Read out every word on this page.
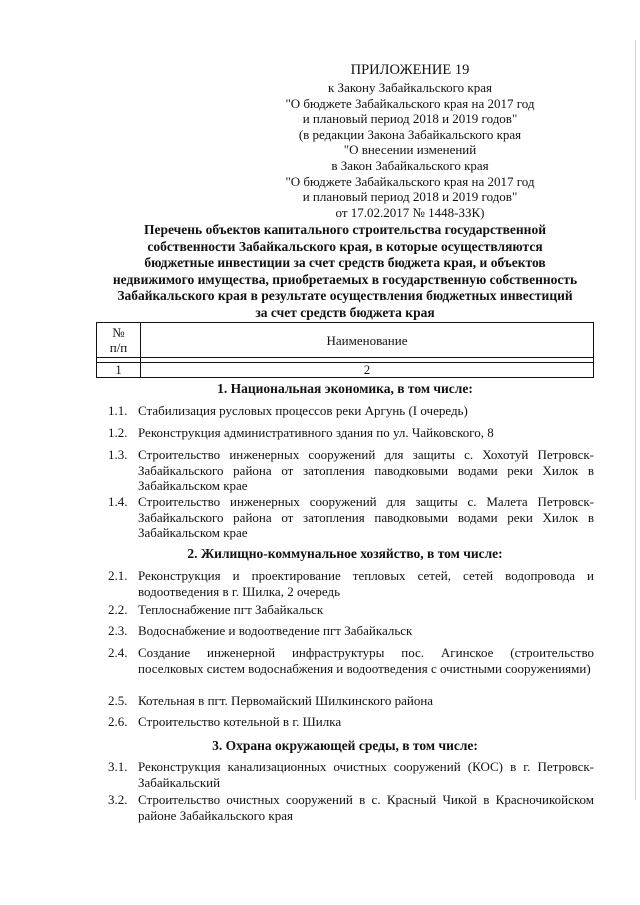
ПРИЛОЖЕНИЕ 19
к Закону Забайкальского края
"О бюджете Забайкальского края на 2017 год
и плановый период 2018 и 2019 годов"
(в редакции Закона Забайкальского края
"О внесении изменений
в Закон Забайкальского края
"О бюджете Забайкальского края на 2017 год
и плановый период 2018 и 2019 годов"
от 17.02.2017 № 1448-ЗЗК)
Перечень объектов капитального строительства государственной
собственности Забайкальского края, в которые осуществляются
бюджетные инвестиции за счет средств бюджета края, и объектов
недвижимого имущества, приобретаемых в государственную собственность
Забайкальского края в результате осуществления бюджетных инвестиций
за счет средств бюджета края
№
п/п	Наименование

1	2
1. Национальная экономика, в том числе:
1.1. Стабилизация русловых процессов реки Аргунь (I очередь)
1.2. Реконструкция административного здания по ул. Чайковского, 8
1.3. Строительство инженерных сооружений для защиты с. Хохотуй Петровск-Забайкальского района от затопления паводковыми водами реки Хилок в Забайкальском крае
1.4. Строительство инженерных сооружений для защиты с. Малета Петровск-Забайкальского района от затопления паводковыми водами реки Хилок в Забайкальском крае
2. Жилищно-коммунальное хозяйство, в том числе:
2.1. Реконструкция и проектирование тепловых сетей, сетей водопровода и водоотведения в г. Шилка, 2 очередь
2.2. Теплоснабжение пгт Забайкальск
2.3. Водоснабжение и водоотведение пгт Забайкальск
2.4. Создание инженерной инфраструктуры пос. Агинское (строительство поселковых систем водоснабжения и водоотведения с очистными сооружениями)
2.5. Котельная в пгт. Первомайский Шилкинского района
2.6. Строительство котельной в г. Шилка
3. Охрана окружающей среды, в том числе:
3.1. Реконструкция канализационных очистных сооружений (КОС) в г. Петровск-Забайкальский
3.2. Строительство очистных сооружений в с. Красный Чикой в Красночикойском районе Забайкальского края
